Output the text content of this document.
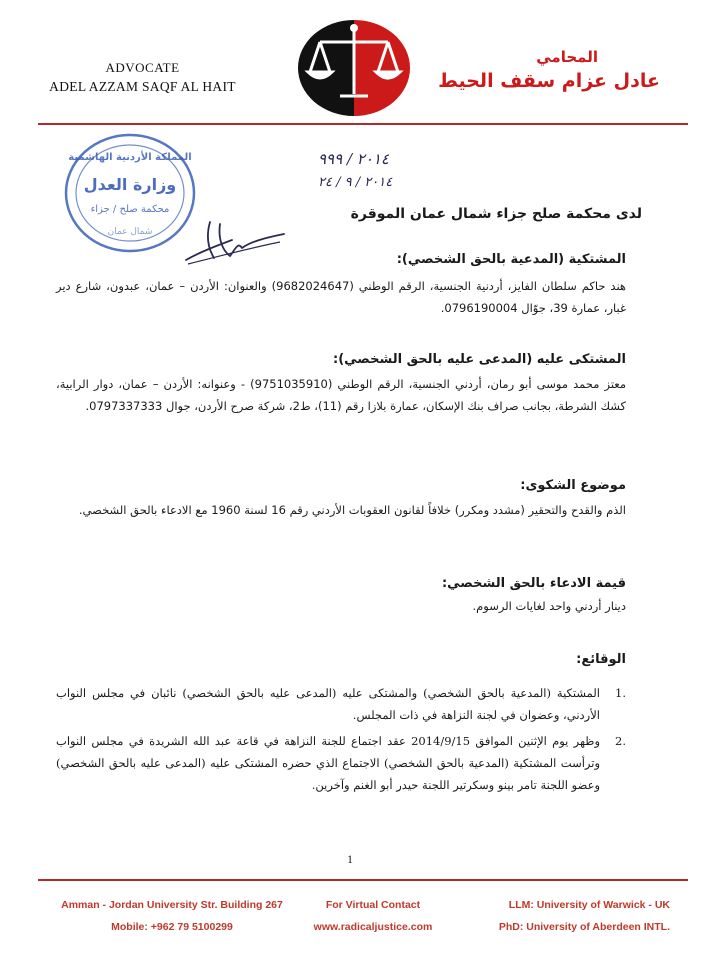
ADVOCATE
ADEL AZZAM SAQF AL HAIT
المحامي
عادل عزام سقف الحيط
المملكة الأردنية الهاشمية
وزارة العدل
محكمة صلح / جزاء
شمال عمان
٢٠١٤ / ٩٩٩
٢٠١٤ / ٩ / ٢٤
لدى محكمة صلح جزاء شمال عمان الموقرة
المشتكية (المدعية بالحق الشخصي):
هند حاكم سلطان الفايز، أردنية الجنسية، الرقم الوطني (9682024647) والعنوان: الأردن – عمان، عبدون، شارع دير غبار، عمارة 39، جوّال 0796190004.
المشتكى عليه (المدعى عليه بالحق الشخصي):
معتز محمد موسى أبو رمان، أردني الجنسية، الرقم الوطني (9751035910) - وعنوانه: الأردن – عمان، دوار الرابية، كشك الشرطة، بجانب صراف بنك الإسكان، عمارة بلازا رقم (11)، ط2، شركة صرح الأردن، جوال 0797337333.
موضوع الشكوى:
الذم والقدح والتحقير (مشدد ومكرر) خلافاً لقانون العقوبات الأردني رقم 16 لسنة 1960 مع الادعاء بالحق الشخصي.
قيمة الادعاء بالحق الشخصي:
دينار أردني واحد لغايات الرسوم.
الوقائع:
1.
المشتكية (المدعية بالحق الشخصي) والمشتكى عليه (المدعى عليه بالحق الشخصي) نائبان في مجلس النواب الأردني، وعضوان في لجنة النزاهة في ذات المجلس.
2.
وظهر يوم الإثنين الموافق 2014/9/15 عقد اجتماع للجنة النزاهة في قاعة عبد الله الشريدة في مجلس النواب وترأست المشتكية (المدعية بالحق الشخصي) الاجتماع الذي حضره المشتكى عليه (المدعى عليه بالحق الشخصي) وعضو اللجنة تامر بينو وسكرتير اللجنة حيدر أبو الغنم وآخرين.
1
Amman - Jordan University Str. Building 267
Mobile: +962 79 5100299
For Virtual Contact
www.radicaljustice.com
LLM: University of Warwick - UK
PhD: University of Aberdeen INTL.
